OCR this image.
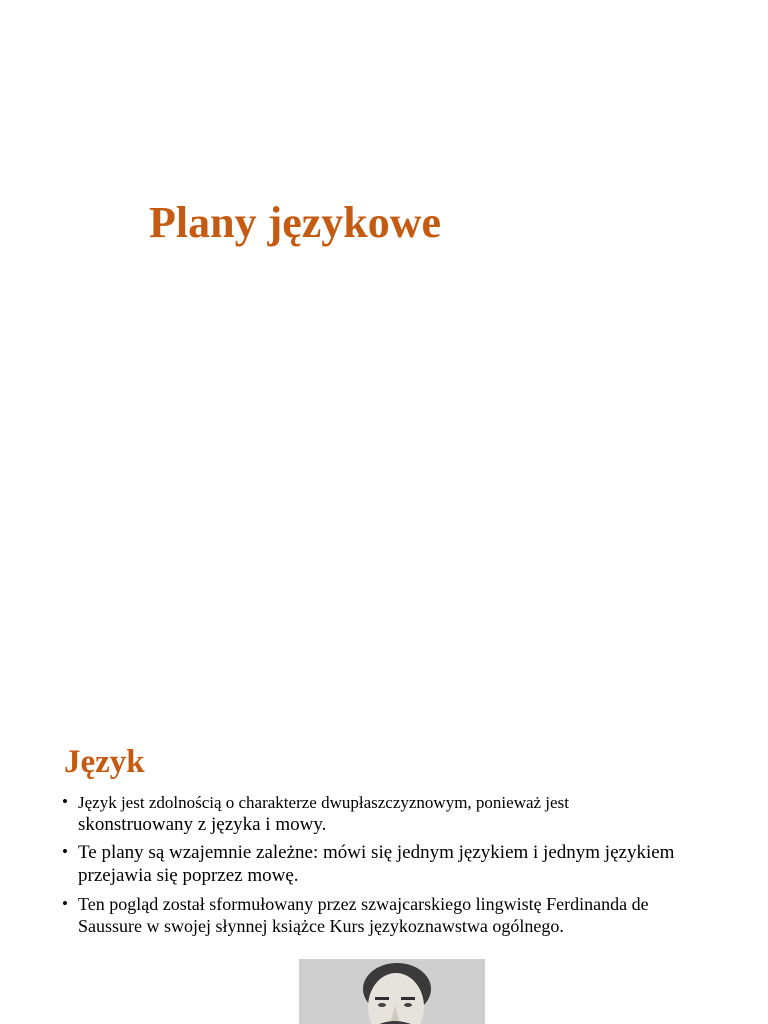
Plany językowe
Język
• Język jest zdolnością o charakterze dwupłaszczyznowym, ponieważ jest
skonstruowany z języka i mowy.
• Te plany są wzajemnie zależne: mówi się jednym językiem i jednym językiem
przejawia się poprzez mowę.
• Ten pogląd został sformułowany przez szwajcarskiego lingwistę Ferdinanda de
Saussure w swojej słynnej książce Kurs językoznawstwa ogólnego.
